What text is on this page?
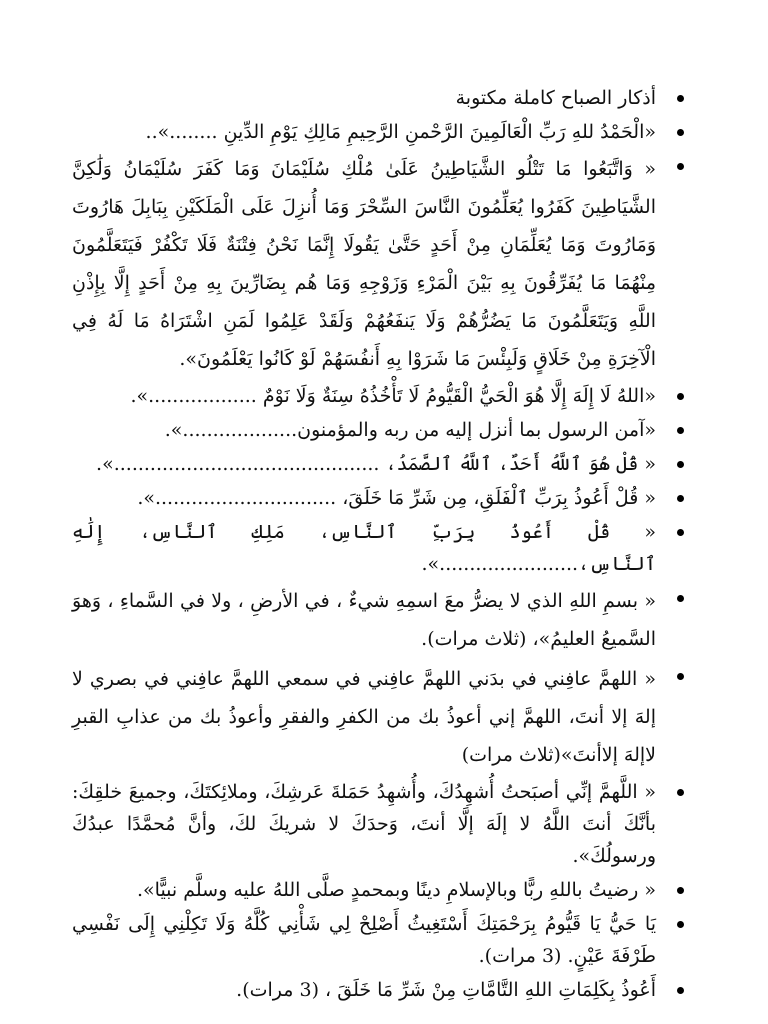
أذكار الصباح كاملة مكتوبة
«الْحَمْدُ للهِ رَبِّ الْعَالَمِينَ الرَّحْمنِ الرَّحِيمِ مَالِكِ يَوْمِ الدِّينِ ........»..
« وَاتَّبَعُوا مَا تَتْلُو الشَّيَاطِينُ عَلَىٰ مُلْكِ سُلَيْمَانَ وَمَا كَفَرَ سُلَيْمَانُ وَلَٰكِنَّ الشَّيَاطِينَ كَفَرُوا يُعَلِّمُونَ النَّاسَ السِّحْرَ وَمَا أُنزِلَ عَلَى الْمَلَكَيْنِ بِبَابِلَ هَارُوتَ وَمَارُوتَ وَمَا يُعَلِّمَانِ مِنْ أَحَدٍ حَتَّىٰ يَقُولَا إِنَّمَا نَحْنُ فِتْنَةٌ فَلَا تَكْفُرْ فَيَتَعَلَّمُونَ مِنْهُمَا مَا يُفَرِّقُونَ بِهِ بَيْنَ الْمَرْءِ وَزَوْجِهِ وَمَا هُم بِضَارِّينَ بِهِ مِنْ أَحَدٍ إِلَّا بِإِذْنِ اللَّهِ وَيَتَعَلَّمُونَ مَا يَضُرُّهُمْ وَلَا يَنفَعُهُمْ وَلَقَدْ عَلِمُوا لَمَنِ اشْتَرَاهُ مَا لَهُ فِي الْآخِرَةِ مِنْ خَلَاقٍ وَلَبِئْسَ مَا شَرَوْا بِهِ أَنفُسَهُمْ لَوْ كَانُوا يَعْلَمُونَ».
«اللهُ لَا إِلَهَ إِلَّا هُوَ الْحَيُّ الْقَيُّومُ لَا تَأْخُذُهُ سِنَةٌ وَلَا نَوْمٌ ..................».
«آمن الرسول بما أنزل إليه من ربه والمؤمنون...................».
« قُلْ هُوَ ٱللَّهُ أَحَدٌ، ٱللَّهُ ٱلصَّمَدُ، ............................................».
« قُلْ أَعُوذُ بِرَبِّ ٱلْفَلَقِ، مِن شَرِّ مَا خَلَقَ، ..............................».
« قُلْ أَعُوذُ بِرَبِّ ٱلنَّاسِ، مَلِكِ ٱلنَّاسِ، إِلَٰهِ ٱلنَّاسِ،.......................».
« بسمِ اللهِ الذي لا يضرُّ معَ اسمِهِ شيءٌ ، في الأرضِ ، ولا في السَّماءِ ، وَهوَ السَّميعُ العليمُ»، (ثلاث مرات).
« اللهمَّ عافِني في بدَني اللهمَّ عافِني في سمعي اللهمَّ عافِني في بصري لا إلهَ إلا أنتَ، اللهمَّ إني أعوذُ بك من الكفرِ والفقرِ وأعوذُ بك من عذابِ القبرِ لاإلهَ إلاأنتَ»(ثلاث مرات)
« اللَّهمَّ إنِّي أصبَحتُ أُشهِدُكَ، وأُشهِدُ حَمَلةَ عَرشِكَ، وملائِكتَكَ، وجميعَ خلقِكَ: بأنَّكَ أنتَ اللَّهُ لا إلَهَ إلَّا أنتَ، وَحدَكَ لا شريكَ لكَ، وأنَّ مُحمَّدًا عبدُكَ ورسولُكَ».
« رضيتُ باللهِ ربًّا وبالإسلامِ دينًا وبمحمدٍ صلَّى اللهُ عليه وسلَّم نبيًّا».
يَا حَيُّ يَا قَيُّومُ بِرَحْمَتِكَ أَسْتَغِيثُ أَصْلِحْ لِي شَأْنِي كُلَّهُ وَلَا تَكِلْنِي إِلَى نَفْسِي طَرْفَةَ عَيْنٍ. (3 مرات).
أَعُوذُ بِكَلِمَاتِ اللهِ التَّامَّاتِ مِنْ شَرِّ مَا خَلَقَ ، (3 مرات).
